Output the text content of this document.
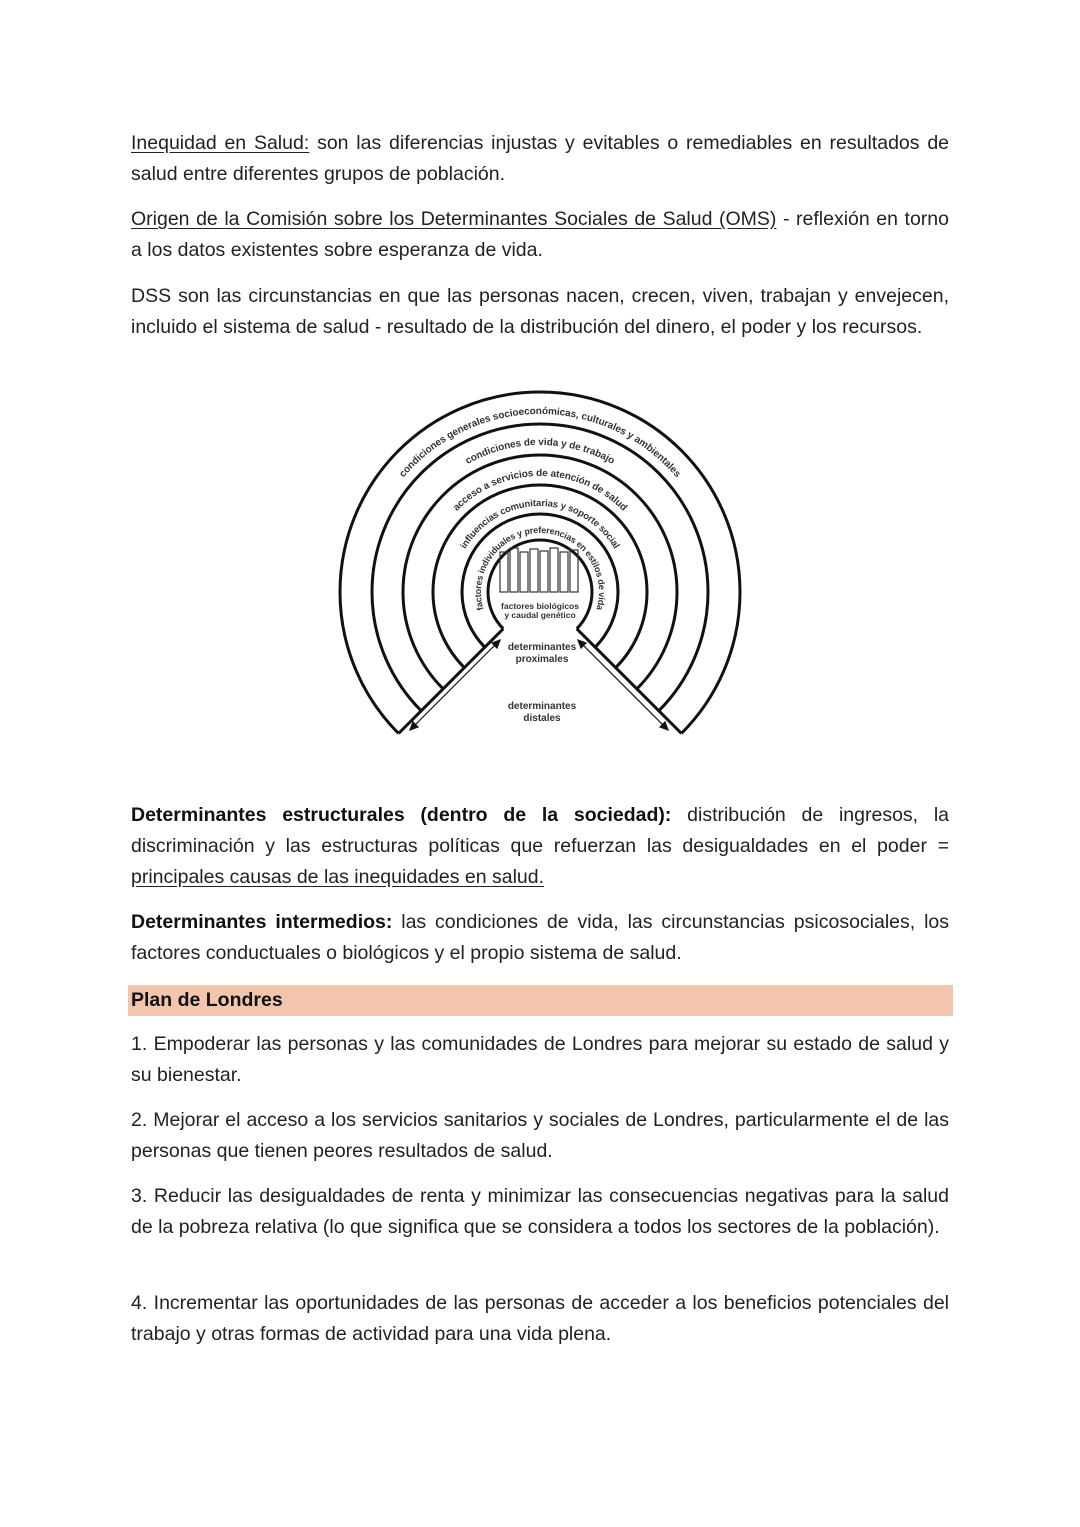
Inequidad en Salud: son las diferencias injustas y evitables o remediables en resultados de salud entre diferentes grupos de población.
Origen de la Comisión sobre los Determinantes Sociales de Salud (OMS) - reflexión en torno a los datos existentes sobre esperanza de vida.
DSS son las circunstancias en que las personas nacen, crecen, viven, trabajan y envejecen, incluido el sistema de salud - resultado de la distribución del dinero, el poder y los recursos.
condiciones generales socioeconómicas, culturales y ambientales
condiciones de vida y de trabajo
acceso a servicios de atención de salud
influencias comunitarias y soporte social
factores individuales y preferencias en estilos de vida
factores biológicos
y caudal genético
determinantes
proximales
determinantes
distales
Determinantes estructurales (dentro de la sociedad): distribución de ingresos, la discriminación y las estructuras políticas que refuerzan las desigualdades en el poder = principales causas de las inequidades en salud.
Determinantes intermedios: las condiciones de vida, las circunstancias psicosociales, los factores conductuales o biológicos y el propio sistema de salud.
Plan de Londres
1. Empoderar las personas y las comunidades de Londres para mejorar su estado de salud y su bienestar.
2. Mejorar el acceso a los servicios sanitarios y sociales de Londres, particularmente el de las personas que tienen peores resultados de salud.
3. Reducir las desigualdades de renta y minimizar las consecuencias negativas para la salud de la pobreza relativa (lo que significa que se considera a todos los sectores de la población).
4. Incrementar las oportunidades de las personas de acceder a los beneficios potenciales del trabajo y otras formas de actividad para una vida plena.
